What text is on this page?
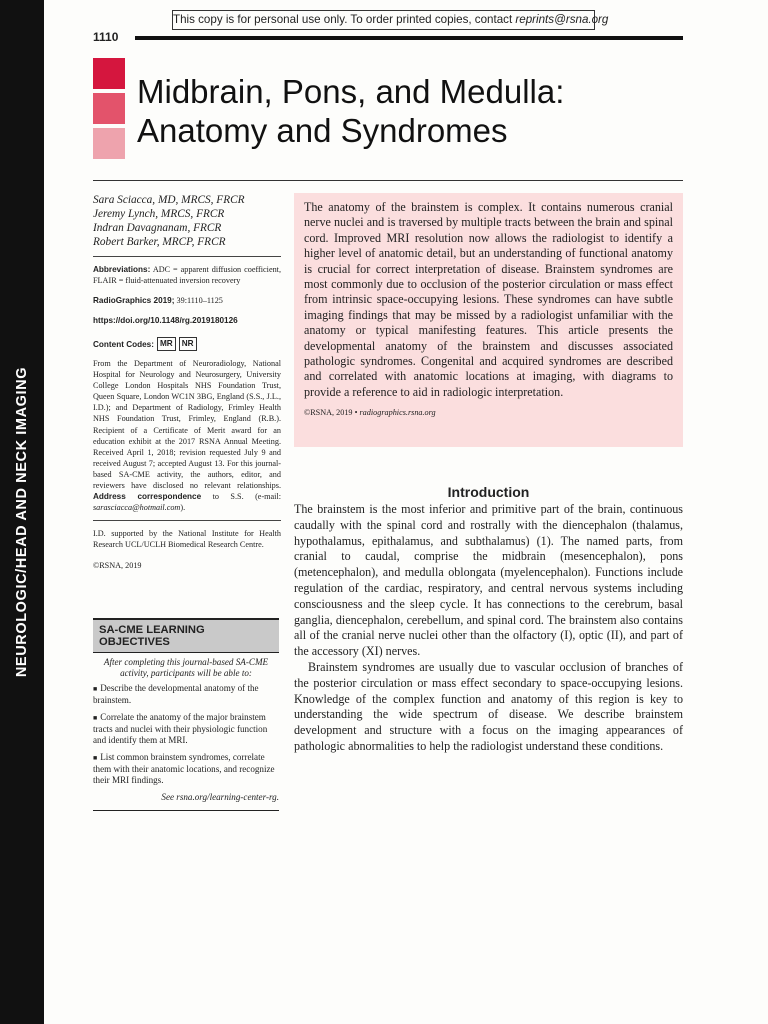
NEUROLOGIC/HEAD AND NECK IMAGING
This copy is for personal use only. To order printed copies, contact reprints@rsna.org
1110
Midbrain, Pons, and Medulla:
Anatomy and Syndromes
Sara Sciacca, MD, MRCS, FRCR
Jeremy Lynch, MRCS, FRCR
Indran Davagnanam, FRCR
Robert Barker, MRCP, FRCR
Abbreviations: ADC = apparent diffusion coefficient, FLAIR = fluid-attenuated inversion recovery
RadioGraphics 2019; 39:1110–1125
https://doi.org/10.1148/rg.2019180126
Content Codes: MR	NR
From the Department of Neuroradiology, National Hospital for Neurology and Neurosurgery, University College London Hospitals NHS Foundation Trust, Queen Square, London WC1N 3BG, England (S.S., J.L., I.D.); and Department of Radiology, Frimley Health NHS Foundation Trust, Frimley, England (R.B.). Recipient of a Certificate of Merit award for an education exhibit at the 2017 RSNA Annual Meeting. Received April 1, 2018; revision requested July 9 and received August 7; accepted August 13. For this journal-based SA-CME activity, the authors, editor, and reviewers have disclosed no relevant relationships. Address correspondence to S.S. (e-mail: sarasciacca@hotmail.com).
I.D. supported by the National Institute for Health Research UCL/UCLH Biomedical Research Centre.
©RSNA, 2019
SA-CME LEARNING OBJECTIVES
After completing this journal-based SA-CME activity, participants will be able to:
■ Describe the developmental anatomy of the brainstem.
■ Correlate the anatomy of the major brainstem tracts and nuclei with their physiologic function and identify them at MRI.
■ List common brainstem syndromes, correlate them with their anatomic locations, and recognize their MRI findings.
See rsna.org/learning-center-rg.
The anatomy of the brainstem is complex. It contains numerous cranial nerve nuclei and is traversed by multiple tracts between the brain and spinal cord. Improved MRI resolution now allows the radiologist to identify a higher level of anatomic detail, but an understanding of functional anatomy is crucial for correct interpretation of disease. Brainstem syndromes are most commonly due to occlusion of the posterior circulation or mass effect from intrinsic space-occupying lesions. These syndromes can have subtle imaging findings that may be missed by a radiologist unfamiliar with the anatomy or typical manifesting features. This article presents the developmental anatomy of the brainstem and discusses associated pathologic syndromes. Congenital and acquired syndromes are described and correlated with anatomic locations at imaging, with diagrams to provide a reference to aid in radiologic interpretation.
©RSNA, 2019 • radiographics.rsna.org
Introduction

The brainstem is the most inferior and primitive part of the brain, continuous caudally with the spinal cord and rostrally with the diencephalon (thalamus, hypothalamus, epithalamus, and subthalamus) (1). The named parts, from cranial to caudal, comprise the midbrain (mesencephalon), pons (metencephalon), and medulla oblongata (myelencephalon). Functions include regulation of the cardiac, respiratory, and central nervous systems including consciousness and the sleep cycle. It has connections to the cerebrum, basal ganglia, diencephalon, cerebellum, and spinal cord. The brainstem also contains all of the cranial nerve nuclei other than the olfactory (I), optic (II), and part of the accessory (XI) nerves.

Brainstem syndromes are usually due to vascular occlusion of branches of the posterior circulation or mass effect secondary to space-occupying lesions. Knowledge of the complex function and anatomy of this region is key to understanding the wide spectrum of disease. We describe brainstem development and structure with a focus on the imaging appearances of pathologic abnormalities to help the radiologist understand these conditions.
